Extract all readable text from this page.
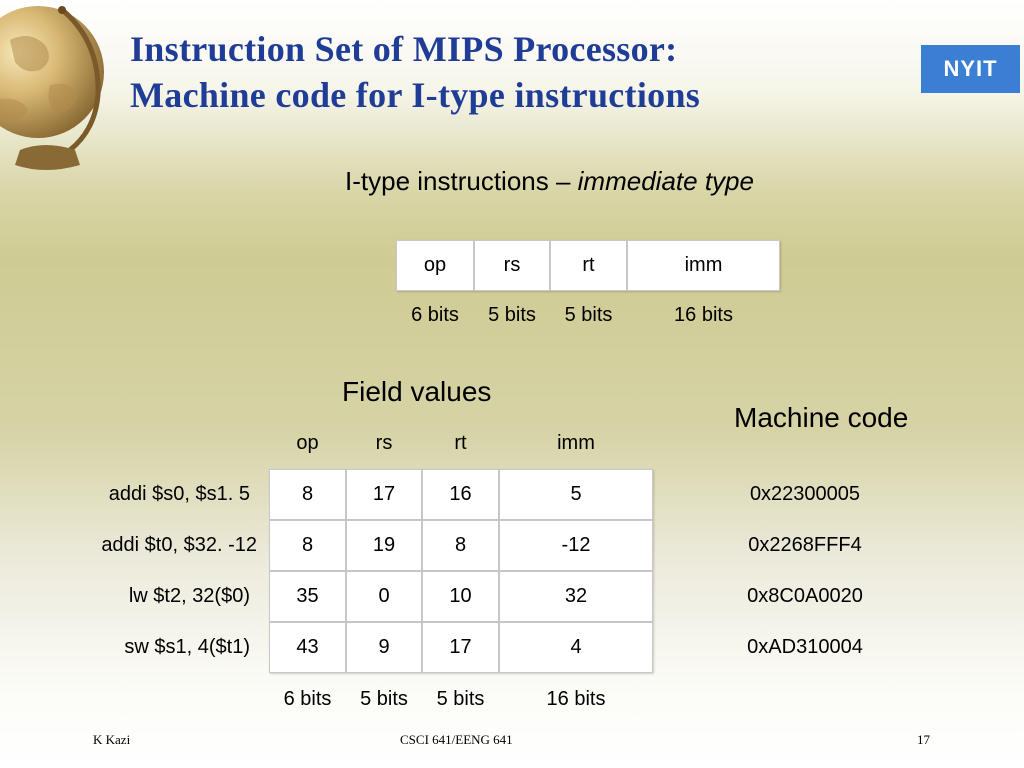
Instruction Set of MIPS Processor:
Machine code for I-type instructions
NYIT
I-type instructions – immediate type
op	rs	rt	imm
6 bits	5 bits	5 bits	16 bits
Field values
Machine code
op	rs	rt	imm
addi $s0, $s1. 5	8	17	16	5	0x22300005
addi $t0, $32. -12	8	19	8	-12	0x2268FFF4
lw $t2, 32($0)	35	0	10	32	0x8C0A0020
sw $s1, 4($t1)	43	9	17	4	0xAD310004
6 bits	5 bits	5 bits	16 bits
K Kazi	CSCI 641/EENG 641	17
